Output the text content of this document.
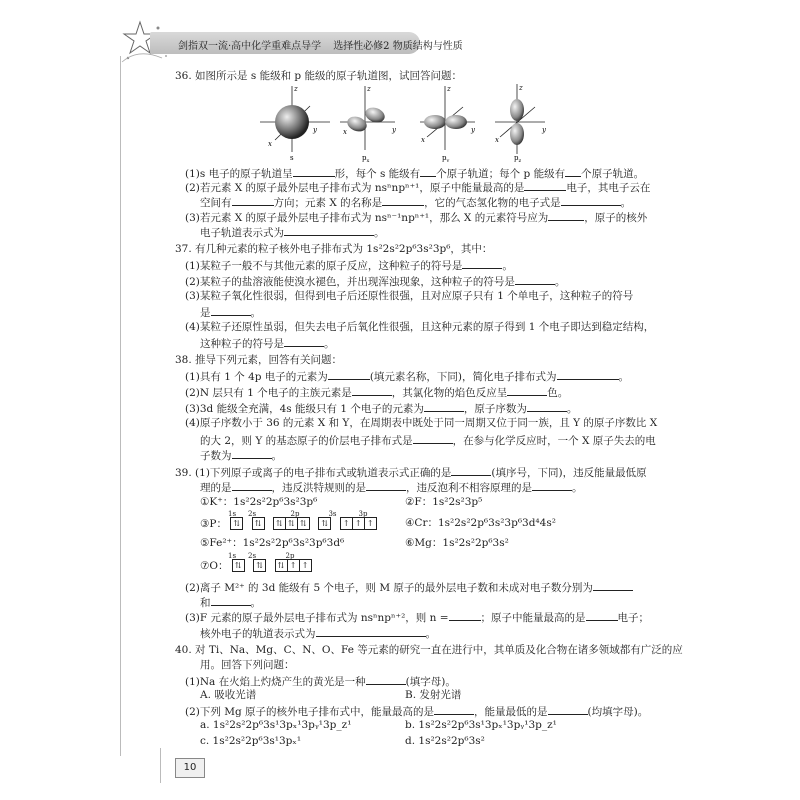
剑指双一流·高中化学重难点导学 选择性必修2 物质结构与性质
36. 如图所示是 s 能级和 p 能级的原子轨道图，试回答问题：
z	z	z	z
x
x
x	x
y	y	y	y
s	$p_x$	$p_y$	$p_z$
(1)s 电子的原子轨道呈	形，每个 s 能级有 个原子轨道；每个 p 能级有 个原子轨道。
(2)若元素 X 的原子最外层电子排布式为 nsⁿnpⁿ⁺¹，原子中能量最高的是	电子，其电子云在
空间有	方向；元素 X 的名称是	，它的气态氢化物的电子式是	。
(3)若元素 X 的原子最外层电子排布式为 nsⁿ⁻¹npⁿ⁺¹，那么 X 的元素符号应为	，原子的核外
电子轨道表示式为	。
37. 有几种元素的粒子核外电子排布式为 1s²2s²2p⁶3s²3p⁶，其中：
(1)某粒子一般不与其他元素的原子反应，这种粒子的符号是	。
(2)某粒子的盐溶液能使溴水褪色，并出现浑浊现象，这种粒子的符号是	。
(3)某粒子氧化性很弱，但得到电子后还原性很强，且对应原子只有 1 个单电子，这种粒子的符号
是	。
(4)某粒子还原性虽弱，但失去电子后氧化性很强，且这种元素的原子得到 1 个电子即达到稳定结构，
这种粒子的符号是	。
38. 推导下列元素，回答有关问题：
(1)具有 1 个 4p 电子的元素为	(填元素名称，下同)，简化电子排布式为	。
(2)N 层只有 1 个电子的主族元素是	，其氯化物的焰色反应呈	色。
(3)3d 能级全充满，4s 能级只有 1 个电子的元素为	，原子序数为	。
(4)原子序数小于 36 的元素 X 和 Y，在周期表中既处于同一周期又位于同一族，且 Y 的原子序数比 X
的大 2，则 Y 的基态原子的价层电子排布式是	，在参与化学反应时，一个 X 原子失去的电
子数为	。
39. (1)下列原子或离子的电子排布式或轨道表示式正确的是	(填序号，下同)，违反能量最低原
理的是	，违反洪特规则的是	，违反泡利不相容原理的是	。
①K⁺：1s²2s²2p⁶3s²3p⁶	②F：1s²2s²3p⁵
1s 2s	2p	3s	3p
③P： ⇅ ⇅ ⇅ ⇅ ⇅ ⇅ ↑ ↑ ↑	④Cr：1s²2s²2p⁶3s²3p⁶3d⁴4s²
⑤Fe²⁺：1s²2s²2p⁶3s²3p⁶3d⁶	⑥Mg：1s²2s²2p⁶3s²
1s 2s	2p
⑦O： ⇅ ⇅ ⇅ ↑ ↑
(2)离子 M²⁺ 的 3d 能级有 5 个电子，则 M 原子的最外层电子数和未成对电子数分别为
和	。
(3)F 元素的原子最外层电子排布式为 nsⁿnpⁿ⁺²，则 n =	；原子中能量最高的是	电子；
核外电子的轨道表示式为	。
40. 对 Ti、Na、Mg、C、N、O、Fe 等元素的研究一直在进行中，其单质及化合物在诸多领域都有广泛的应
用。回答下列问题：
(1)Na 在火焰上灼烧产生的黄光是一种	(填字母)。
A. 吸收光谱	B. 发射光谱
(2)下列 Mg 原子的核外电子排布式中，能量最高的是	，能量最低的是	(均填字母)。
a. 1s²2s²2p⁶3s¹3pₓ¹3pᵧ¹3p_z¹	b. 1s²2s²2p⁶3s¹3pₓ¹3pᵧ¹3p_z¹
c. 1s²2s²2p⁶3s¹3pₓ¹	d. 1s²2s²2p⁶3s²
10
